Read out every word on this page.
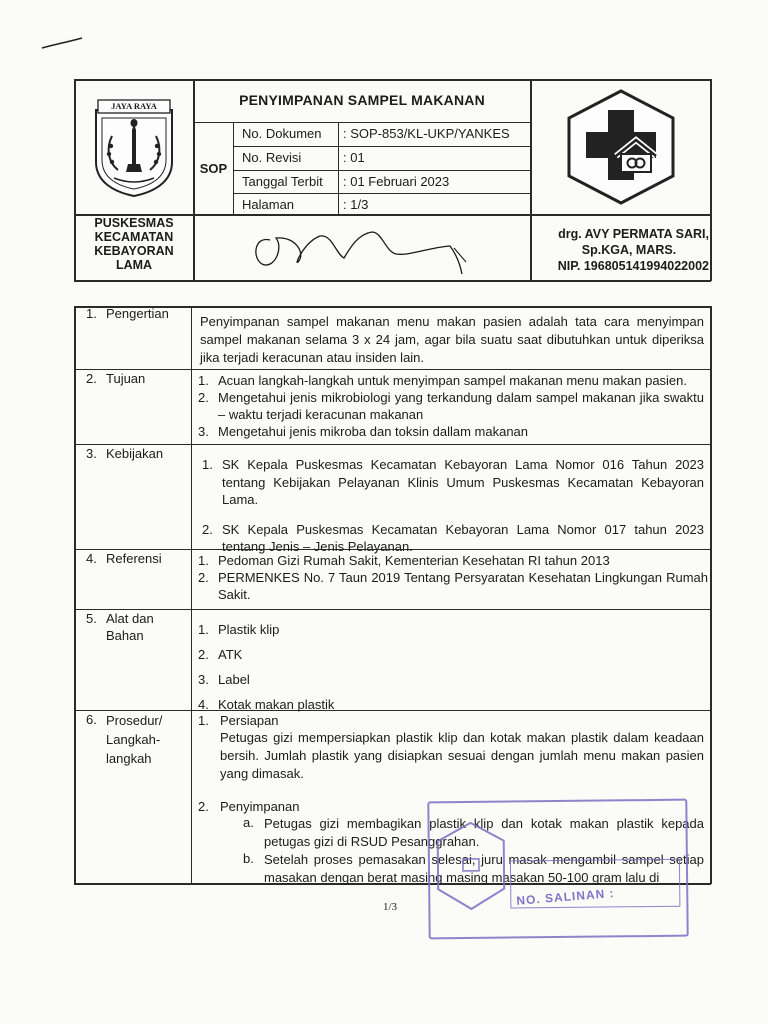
JAYA RAYA	PENYIMPANAN SAMPEL MAKANAN
SOP
No. Dokumen : SOP-853/KL-UKP/YANKES
No. Revisi	: 01
Tanggal Terbit : 01 Februari 2023
Halaman	: 1/3
PUSKESMAS
KECAMATAN
KEBAYORAN
LAMA
drg. AVY PERMATA SARI,
Sp.KGA, MARS.
NIP. 196805141994022002
1. Pengertian
Penyimpanan sampel makanan menu makan pasien adalah tata cara menyimpan sampel makanan selama 3 x 24 jam, agar bila suatu saat dibutuhkan untuk diperiksa jika terjadi keracunan atau insiden lain.
2. Tujuan	1. Acuan langkah-langkah untuk menyimpan sampel makanan menu makan pasien.
2. Mengetahui jenis mikrobiologi yang terkandung dalam sampel makanan jika swaktu – waktu terjadi keracunan makanan
3. Mengetahui jenis mikroba dan toksin dallam makanan
3. Kebijakan
1. SK Kepala Puskesmas Kecamatan Kebayoran Lama Nomor 016 Tahun 2023 tentang Kebijakan Pelayanan Klinis Umum Puskesmas Kecamatan Kebayoran Lama.
2. SK Kepala Puskesmas Kecamatan Kebayoran Lama Nomor 017 tahun 2023 tentang Jenis – Jenis Pelayanan.
4. Referensi	1. Pedoman Gizi Rumah Sakit, Kementerian Kesehatan RI tahun 2013
2. PERMENKES No. 7 Taun 2019 Tentang Persyaratan Kesehatan Lingkungan Rumah Sakit.
5. Alat dan
Bahan	1. Plastik klip
2. ATK
3. Label
4. Kotak makan plastik
6. Prosedur/
Langkah-
langkah
1. Persiapan
Petugas gizi mempersiapkan plastik klip dan kotak makan plastik dalam keadaan bersih. Jumlah plastik yang disiapkan sesuai dengan jumlah menu makan pasien yang dimasak.
2. Penyimpanan
a. Petugas gizi membagikan plastik klip dan kotak makan plastik kepada petugas gizi di RSUD Pesanggrahan.
b. Setelah proses pemasakan selesai, juru masak mengambil sampel setiap masakan dengan berat masing masing masakan 50-100 gram lalu di
1/3	NO. SALINAN :
